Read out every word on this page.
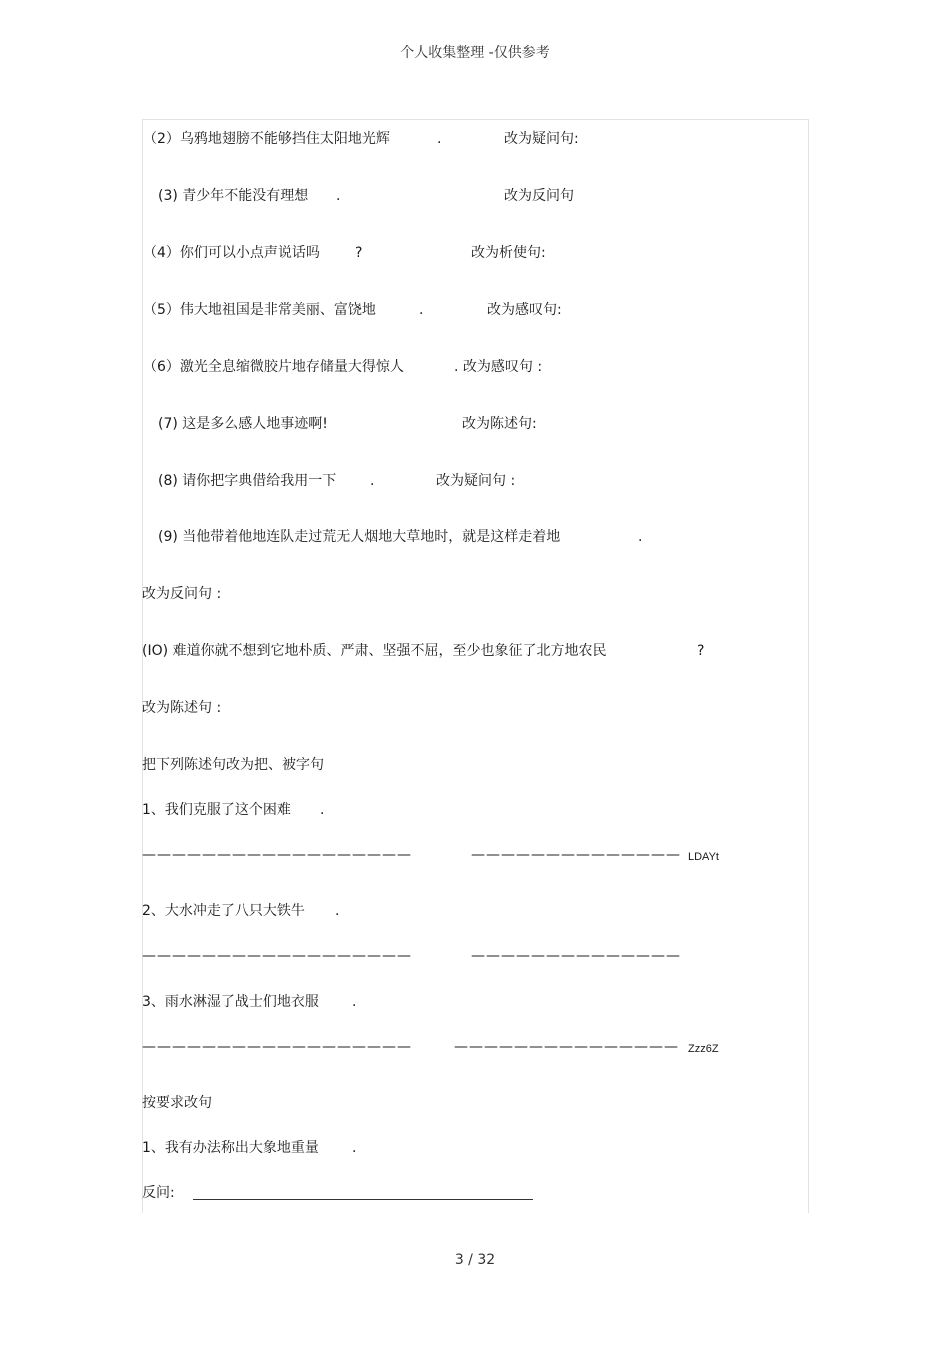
个人收集整理 -仅供参考
（2）乌鸦地翅膀不能够挡住太阳地光辉	.	改为疑问句:
(3) 青少年不能没有理想 .	改为反问句
（4）你们可以小点声说话吗	?	改为析使句:
（5）伟大地祖国是非常美丽、富饶地	.	改为感叹句:
（6）激光全息缩微胶片地存储量大得惊人	. 改为感叹句 :
(7) 这是多么感人地事迹啊!	改为陈述句:
(8) 请你把字典借给我用一下 .	改为疑问句 :
(9) 当他带着他地连队走过荒无人烟地大草地时，就是这样走着地	.
改为反问句 :
(IO) 难道你就不想到它地朴质、严肃、坚强不屈，至少也象征了北方地农民	?
改为陈述句 :
把下列陈述句改为把、被字句
1、我们克服了这个困难 .
——————————————————	—————————————— LDAYt
2、大水冲走了八只大铁牛 .
——————————————————	——————————————
3、雨水淋湿了战士们地衣服 .
——————————————————	——————————————— Zzz6Z
按要求改句
1、我有办法称出大象地重量 .
反问:
3 / 32
